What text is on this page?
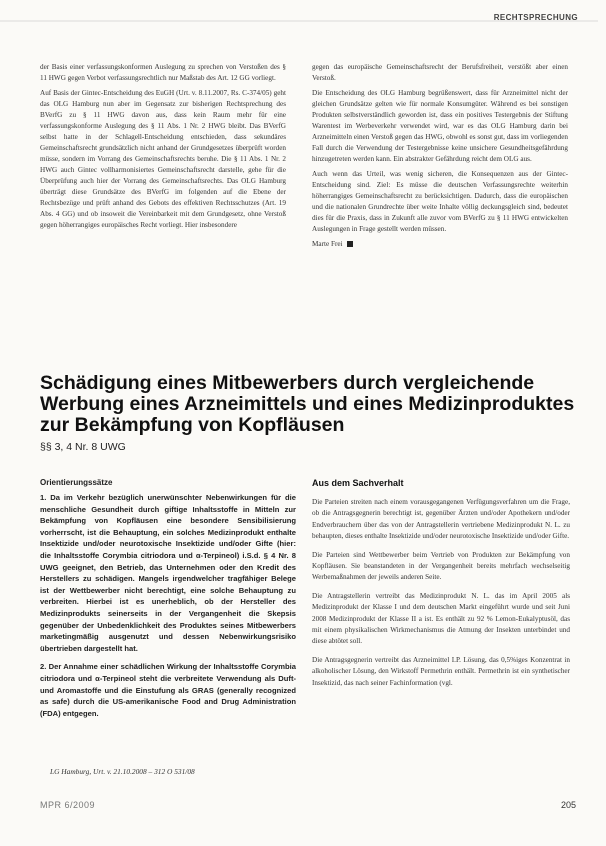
RECHTSPRECHUNG

der Basis einer verfassungskonformen Auslegung zu sprechen von Verstoßen des § 11 HWG gegen Verbot verfassungsrechtlich nur Maßstab des Art. 12 GG vorliegt.

Auf Basis der Gintec-Entscheidung des EuGH (Urt. v. 8.11.2007, Rs. C-374/05) geht das OLG Hamburg nun aber im Gegensatz zur bisherigen Rechtsprechung des BVerfG zu § 11 HWG davon aus, dass kein Raum mehr für eine verfassungskonforme Auslegung des § 11 Abs. 1 Nr. 2 HWG bleibt. Das BVerfG selbst hatte in der Schlagell-Entscheidung entschieden, dass sekundäres Gemeinschaftsrecht grundsätzlich nicht anhand der Grundgesetzes überprüft worden müsse, sondern im Vorrang des Gemeinschaftsrechts beruhe. Die § 11 Abs. 1 Nr. 2 HWG auch Gintec vollharmonisiertes Gemeinschaftsrecht darstelle, gehe für die Überprüfung auch hier der Vorrang des Gemeinschaftsrechts. Das OLG Hamburg überträgt diese Grundsätze des BVerfG im folgenden auf die Ebene der Rechtsbezüge und prüft anhand des Gebots des effektiven Rechtsschutzes (Art. 19 Abs. 4 GG) und ob insoweit die Vereinbarkeit mit dem Grundgesetz, ohne Verstoß gegen höherrangiges europäisches Recht vorliegt. Hier insbesondere

gegen das europäische Gemeinschaftsrecht der Berufsfreiheit, verstößt aber einen Verstoß.

Die Entscheidung des OLG Hamburg begrüßenswert, dass für Arzneimittel nicht der gleichen Grundsätze gelten wie für normale Konsumgüter. Während es bei sonstigen Produkten selbstverständlich geworden ist, dass ein positives Testergebnis der Stiftung Warentest im Werbeverkehr verwendet wird, war es das OLG Hamburg darin bei Arzneimitteln einen Verstoß gegen das HWG, obwohl es sonst gut, dass im vorliegenden Fall durch die Verwendung der Testergebnisse keine unsichere Gesundheitsgefährdung hinzugetreten werden kann. Ein abstrakter Gefährdung reicht dem OLG aus.

Auch wenn das Urteil, was wenig sicheren, die Konsequenzen aus der Gintec-Entscheidung sind. Ziel: Es müsse die deutschen Verfassungsrechte weiterhin höherrangiges Gemeinschaftsrecht zu berücksichtigen. Dadurch, dass die europäischen und die nationalen Grundrechte über weite Inhalte völlig deckungsgleich sind, bedeutet dies für die Praxis, dass in Zukunft alle zuvor vom BVerfG zu § 11 HWG entwickelten Auslegungen in Frage gestellt werden müssen.

Marte Frei

Schädigung eines Mitbewerbers durch vergleichende Werbung eines Arzneimittels und eines Medizinproduktes zur Bekämpfung von Kopfläusen
§§ 3, 4 Nr. 8 UWG
Orientierungssätze

1. Da im Verkehr bezüglich unerwünschter Nebenwirkungen für die menschliche Gesundheit durch giftige Inhaltsstoffe in Mitteln zur Bekämpfung von Kopfläusen eine besondere Sensibilisierung vorherrscht, ist die Behauptung, ein solches Medizinprodukt enthalte Insektizide und/oder neurotoxische Insektizide und/oder Gifte (hier: die Inhaltsstoffe Corymbia citriodora und α-Terpineol) i.S.d. § 4 Nr. 8 UWG geeignet, den Betrieb, das Unternehmen oder den Kredit des Herstellers zu schädigen. Mangels irgendwelcher tragfähiger Belege ist der Wettbewerber nicht berechtigt, eine solche Behauptung zu verbreiten. Hierbei ist es unerheblich, ob der Hersteller des Medizinprodukts seinerseits in der Vergangenheit die Skepsis gegenüber der Unbedenklichkeit des Produktes seines Mitbewerbers marketingmäßig ausgenutzt und dessen Nebenwirkungsrisiko übertrieben dargestellt hat.

2. Der Annahme einer schädlichen Wirkung der Inhaltsstoffe Corymbia citriodora und α-Terpineol steht die verbreitete Verwendung als Duft- und Aromastoffe und die Einstufung als GRAS (generally recognized as safe) durch die US-amerikanische Food and Drug Administration (FDA) entgegen.

LG Hamburg, Urt. v. 21.10.2008 – 312 O 531/08
Aus dem Sachverhalt

Die Parteien streiten nach einem vorausgegangenen Verfügungsverfahren um die Frage, ob die Antragsgegnerin berechtigt ist, gegenüber Ärzten und/oder Apothekern und/oder Endverbrauchern über das von der Antragstellerin vertriebene Medizinprodukt N. L. zu behaupten, dieses enthalte Insektizide und/oder neurotoxische Insektizide und/oder Gifte.

Die Parteien sind Wettbewerber beim Vertrieb von Produkten zur Bekämpfung von Kopfläusen. Sie beanstandeten in der Vergangenheit bereits mehrfach wechselseitig Werbemaßnahmen der jeweils anderen Seite.

Die Antragstellerin vertreibt das Medizinprodukt N. L. das im April 2005 als Medizinprodukt der Klasse I und dem deutschen Markt eingeführt wurde und seit Juni 2008 Medizinprodukt der Klasse II a ist. Es enthält zu 92 % Lemon-Eukalyptusöl, das mit einem physikalischen Wirkmechanismus die Atmung der Insekten unterbindet und diese abtötet soll.

Die Antragsgegnerin vertreibt das Arzneimittel I.P. Lösung, das 0,5%iges Konzentrat in alkoholischer Lösung, den Wirkstoff Permethrin enthält. Permethrin ist ein synthetischer Insektizid, das nach seiner Fachinformation (vgl.

MPR 6/2009	205
